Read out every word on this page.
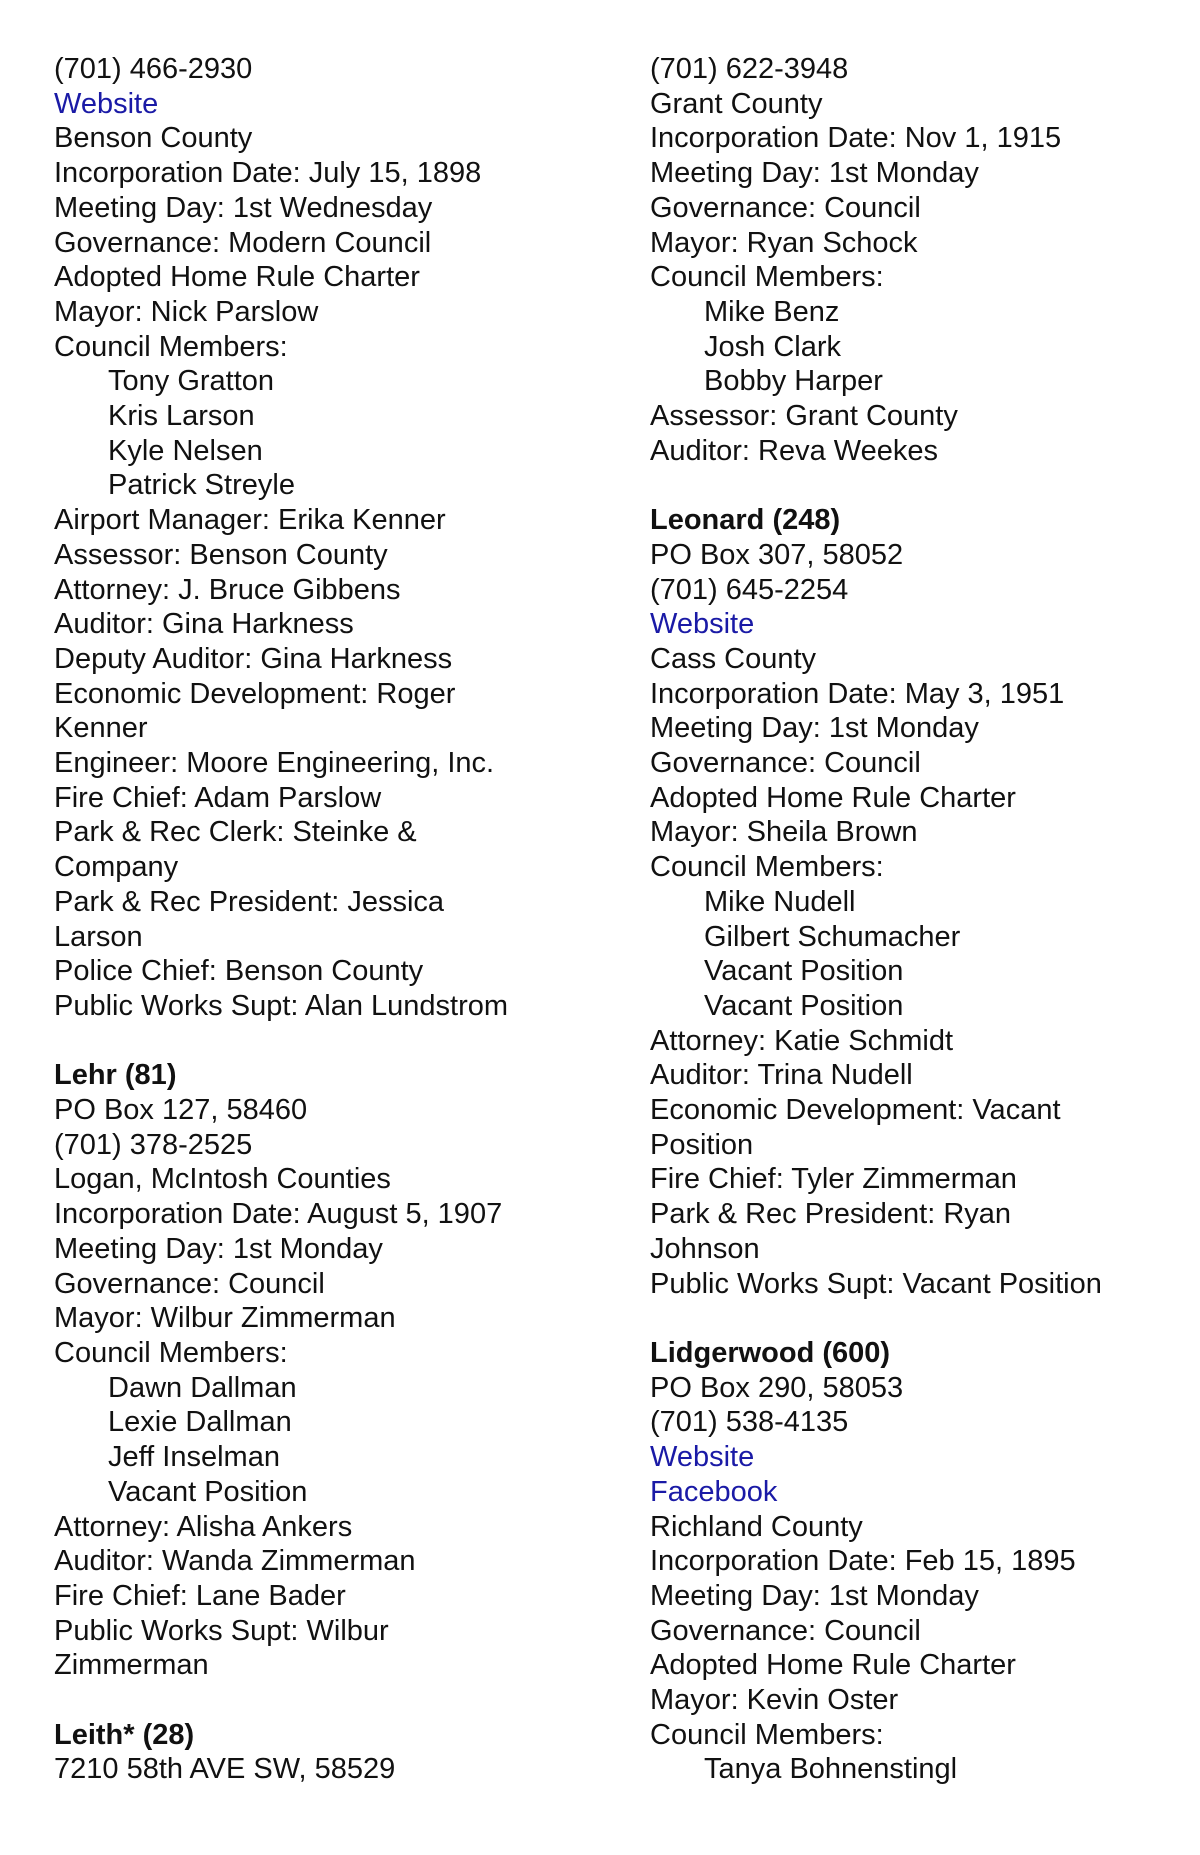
(701) 466-2930
Website
Benson County
Incorporation Date: July 15, 1898
Meeting Day: 1st Wednesday
Governance: Modern Council
Adopted Home Rule Charter
Mayor: Nick Parslow
Council Members:
Tony Gratton
Kris Larson
Kyle Nelsen
Patrick Streyle
Airport Manager: Erika Kenner
Assessor: Benson County
Attorney: J. Bruce Gibbens
Auditor: Gina Harkness
Deputy Auditor: Gina Harkness
Economic Development: Roger
Kenner
Engineer: Moore Engineering, Inc.
Fire Chief: Adam Parslow
Park & Rec Clerk: Steinke &
Company
Park & Rec President: Jessica
Larson
Police Chief: Benson County
Public Works Supt: Alan Lundstrom
Lehr (81)
PO Box 127, 58460
(701) 378-2525
Logan, McIntosh Counties
Incorporation Date: August 5, 1907
Meeting Day: 1st Monday
Governance: Council
Mayor: Wilbur Zimmerman
Council Members:
Dawn Dallman
Lexie Dallman
Jeff Inselman
Vacant Position
Attorney: Alisha Ankers
Auditor: Wanda Zimmerman
Fire Chief: Lane Bader
Public Works Supt: Wilbur
Zimmerman
Leith* (28)
7210 58th AVE SW, 58529
(701) 622-3948
Grant County
Incorporation Date: Nov 1, 1915
Meeting Day: 1st Monday
Governance: Council
Mayor: Ryan Schock
Council Members:
Mike Benz
Josh Clark
Bobby Harper
Assessor: Grant County
Auditor: Reva Weekes
Leonard (248)
PO Box 307, 58052
(701) 645-2254
Website
Cass County
Incorporation Date: May 3, 1951
Meeting Day: 1st Monday
Governance: Council
Adopted Home Rule Charter
Mayor: Sheila Brown
Council Members:
Mike Nudell
Gilbert Schumacher
Vacant Position
Vacant Position
Attorney: Katie Schmidt
Auditor: Trina Nudell
Economic Development: Vacant
Position
Fire Chief: Tyler Zimmerman
Park & Rec President: Ryan
Johnson
Public Works Supt: Vacant Position
Lidgerwood (600)
PO Box 290, 58053
(701) 538-4135
Website
Facebook
Richland County
Incorporation Date: Feb 15, 1895
Meeting Day: 1st Monday
Governance: Council
Adopted Home Rule Charter
Mayor: Kevin Oster
Council Members:
Tanya Bohnenstingl
